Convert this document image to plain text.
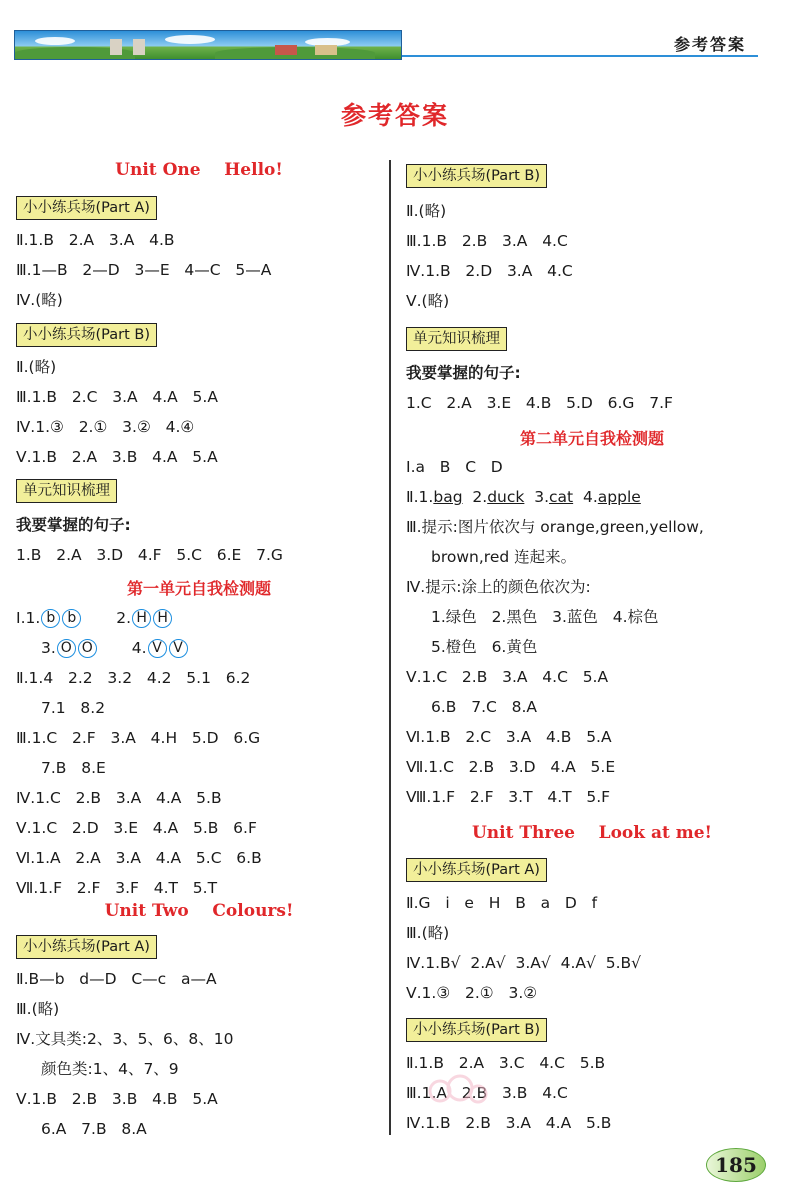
参考答案
参考答案
Unit One    Hello!
小小练兵场(Part A)
Ⅱ.1.B   2.A   3.A   4.B
Ⅲ.1—B   2—D   3—E   4—C   5—A
Ⅳ.(略)
小小练兵场(Part B)
Ⅱ.(略)
Ⅲ.1.B   2.C   3.A   4.A   5.A
Ⅳ.1.③   2.①   3.②   4.④
Ⅴ.1.B   2.A   3.B   4.A   5.A
单元知识梳理
我要掌握的句子:
1.B   2.A   3.D   4.F   5.C   6.E   7.G
第一单元自我检测题
Ⅰ.1. b b	2. H H
3. O O	4. V V
Ⅱ.1.4   2.2   3.2   4.2   5.1   6.2
7.1   8.2
Ⅲ.1.C   2.F   3.A   4.H   5.D   6.G
7.B   8.E
Ⅳ.1.C   2.B   3.A   4.A   5.B
Ⅴ.1.C   2.D   3.E   4.A   5.B   6.F
Ⅵ.1.A   2.A   3.A   4.A   5.C   6.B
Ⅶ.1.F   2.F   3.F   4.T   5.T
Unit Two    Colours!
小小练兵场(Part A)
Ⅱ.B—b   d—D   C—c   a—A
Ⅲ.(略)
Ⅳ.文具类:2、3、5、6、8、10
颜色类:1、4、7、9
Ⅴ.1.B   2.B   3.B   4.B   5.A
6.A   7.B   8.A
小小练兵场(Part B)
Ⅱ.(略)
Ⅲ.1.B   2.B   3.A   4.C
Ⅳ.1.B   2.D   3.A   4.C
Ⅴ.(略)
单元知识梳理
我要掌握的句子:
1.C   2.A   3.E   4.B   5.D   6.G   7.F
第二单元自我检测题
Ⅰ.a   B   C   D
Ⅱ.1.bag  2.duck  3.cat  4.apple
Ⅲ.提示:图片依次与 orange,green,yellow,
brown,red 连起来。
Ⅳ.提示:涂上的颜色依次为:
1.绿色   2.黑色   3.蓝色   4.棕色
5.橙色   6.黄色
Ⅴ.1.C   2.B   3.A   4.C   5.A
6.B   7.C   8.A
Ⅵ.1.B   2.C   3.A   4.B   5.A
Ⅶ.1.C   2.B   3.D   4.A   5.E
Ⅷ.1.F   2.F   3.T   4.T   5.F
Unit Three    Look at me!
小小练兵场(Part A)
Ⅱ.G   i   e   H   B   a   D   f
Ⅲ.(略)
Ⅳ.1.B√  2.A√  3.A√  4.A√  5.B√
Ⅴ.1.③   2.①   3.②
小小练兵场(Part B)
Ⅱ.1.B   2.A   3.C   4.C   5.B
Ⅲ.1.A   2.B   3.B   4.C
Ⅳ.1.B   2.B   3.A   4.A   5.B
185
